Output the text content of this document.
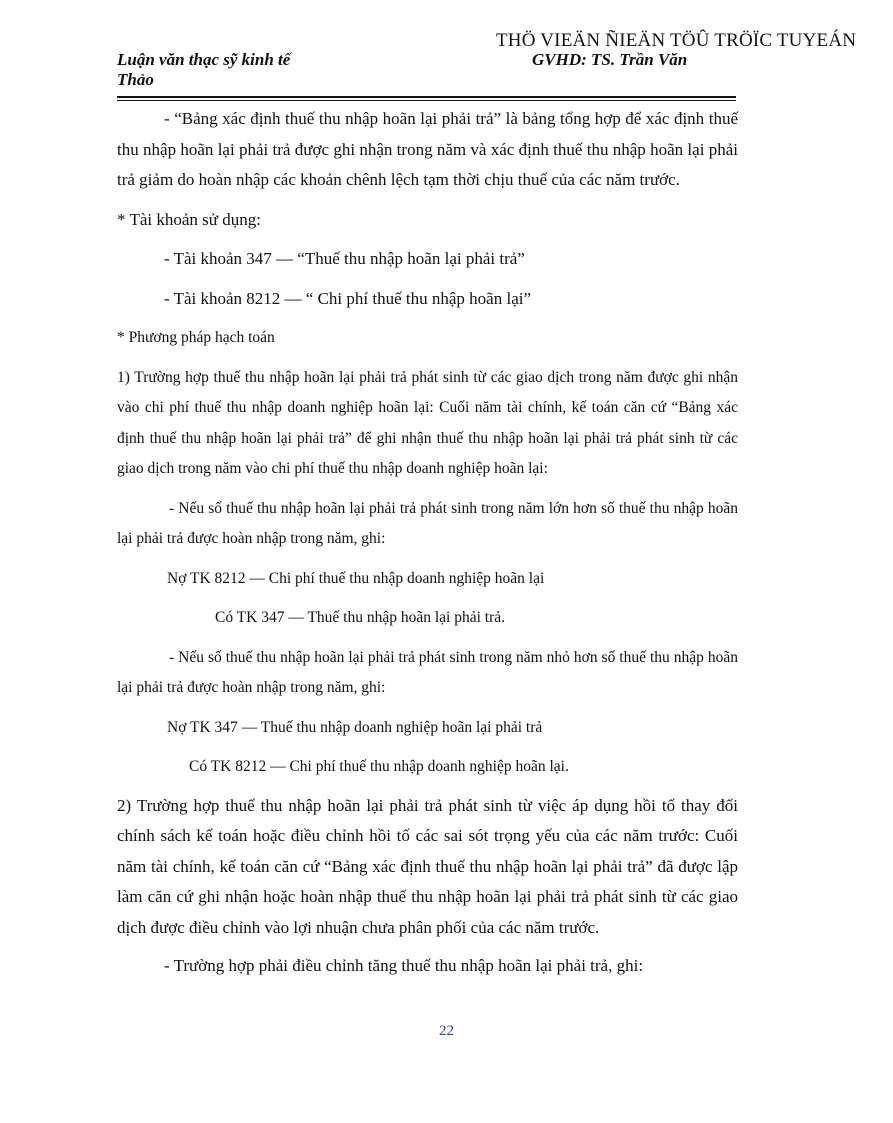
THÖ VIEÄN ÑIEÄN TÖÛ TRÖÏC TUYEÁN
Luận văn thạc sỹ kinh tế
Thảo
GVHD: TS. Trần Văn

- “Bảng xác định thuế thu nhập hoãn lại phải trả” là bảng tổng hợp để xác định thuế thu nhập hoãn lại phải trả được ghi nhận trong năm và xác định thuế thu nhập hoãn lại phải trả giảm do hoàn nhập các khoản chênh lệch tạm thời chịu thuế của các năm trước.

* Tài khoản sử dụng:

- Tài khoản 347 — “Thuế thu nhập hoãn lại phải trả”

- Tài khoản 8212 — “ Chi phí thuế thu nhập hoãn lại”

* Phương pháp hạch toán

1) Trường hợp thuế thu nhập hoãn lại phải trả phát sinh từ các giao dịch trong năm được ghi nhận vào chi phí thuế thu nhập doanh nghiệp hoãn lại: Cuối năm tài chính, kế toán căn cứ “Bảng xác định thuế thu nhập hoãn lại phải trả” để ghi nhận thuế thu nhập hoãn lại phải trả phát sinh từ các giao dịch trong năm vào chi phí thuế thu nhập doanh nghiệp hoãn lại:

- Nếu số thuế thu nhập hoãn lại phải trả phát sinh trong năm lớn hơn số thuế thu nhập hoãn lại phải trả được hoàn nhập trong năm, ghi:

Nợ TK 8212 — Chi phí thuế thu nhập doanh nghiệp hoãn lại

Có TK 347 — Thuế thu nhập hoãn lại phải trả.

- Nếu số thuế thu nhập hoãn lại phải trả phát sinh trong năm nhỏ hơn số thuế thu nhập hoãn lại phải trả được hoàn nhập trong năm, ghi:

Nợ TK 347 — Thuế thu nhập doanh nghiệp hoãn lại phải trả

Có TK 8212 — Chi phí thuế thu nhập doanh nghiệp hoãn lại.

2) Trường hợp thuế thu nhập hoãn lại phải trả phát sinh từ việc áp dụng hồi tố thay đổi chính sách kế toán hoặc điều chỉnh hồi tố các sai sót trọng yếu của các năm trước: Cuối năm tài chính, kế toán căn cứ “Bảng xác định thuế thu nhập hoãn lại phải trả” đã được lập làm căn cứ ghi nhận hoặc hoàn nhập thuế thu nhập hoãn lại phải trả phát sinh từ các giao dịch được điều chỉnh vào lợi nhuận chưa phân phối của các năm trước.

- Trường hợp phải điều chỉnh tăng thuế thu nhập hoãn lại phải trả, ghi:

22
